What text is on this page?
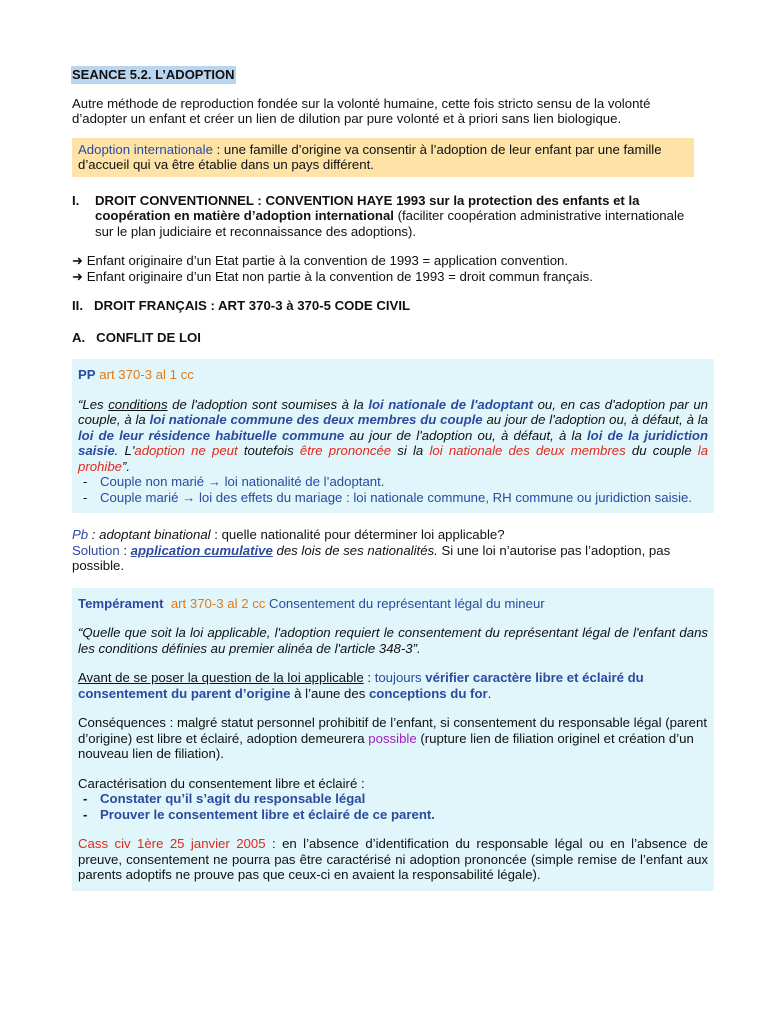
SEANCE 5.2. L’ADOPTION

Autre méthode de reproduction fondée sur la volonté humaine, cette fois stricto sensu de la volonté d’adopter un enfant et créer un lien de dilution par pure volonté et à priori sans lien biologique.

Adoption internationale : une famille d’origine va consentir à l’adoption de leur enfant par une famille d’accueil qui va être établie dans un pays différent.
I. DROIT CONVENTIONNEL : CONVENTION HAYE 1993 sur la protection des enfants et la coopération en matière d’adoption international (faciliter coopération administrative internationale sur le plan judiciaire et reconnaissance des adoptions).

➜ Enfant originaire d’un Etat partie à la convention de 1993 = application convention.

➜ Enfant originaire d’un Etat non partie à la convention de 1993 = droit commun français.

II.   DROIT FRANÇAIS : ART 370-3 à 370-5 CODE CIVIL

A.   CONFLIT DE LOI

PP art 370-3 al 1 cc

“Les conditions de l'adoption sont soumises à la loi nationale de l'adoptant ou, en cas d'adoption par un couple, à la loi nationale commune des deux membres du couple au jour de l'adoption ou, à défaut, à la loi de leur résidence habituelle commune au jour de l'adoption ou, à défaut, à la loi de la juridiction saisie. L'adoption ne peut toutefois être prononcée si la loi nationale des deux membres du couple la prohibe”.

- Couple non marié → loi nationalité de l’adoptant.
- Couple marié → loi des effets du mariage : loi nationale commune, RH commune ou juridiction saisie.

Pb : adoptant binational : quelle nationalité pour déterminer loi applicable?

Solution : application cumulative des lois de ses nationalités. Si une loi n’autorise pas l’adoption, pas possible.

Tempérament art 370-3 al 2 cc Consentement du représentant légal du mineur

“Quelle que soit la loi applicable, l'adoption requiert le consentement du représentant légal de l'enfant dans les conditions définies au premier alinéa de l'article 348-3”.

Avant de se poser la question de la loi applicable : toujours vérifier caractère libre et éclairé du consentement du parent d’origine à l’aune des conceptions du for.

Conséquences : malgré statut personnel prohibitif de l’enfant, si consentement du responsable légal (parent d’origine) est libre et éclairé, adoption demeurera possible (rupture lien de filiation originel et création d’un nouveau lien de filiation).

Caractérisation du consentement libre et éclairé :

- Constater qu’il s’agit du responsable légal
- Prouver le consentement libre et éclairé de ce parent.

Cass civ 1ère 25 janvier 2005 : en l’absence d’identification du responsable légal ou en l’absence de preuve, consentement ne pourra pas être caractérisé ni adoption prononcée (simple remise de l’enfant aux parents adoptifs ne prouve pas que ceux-ci en avaient la responsabilité légale).
